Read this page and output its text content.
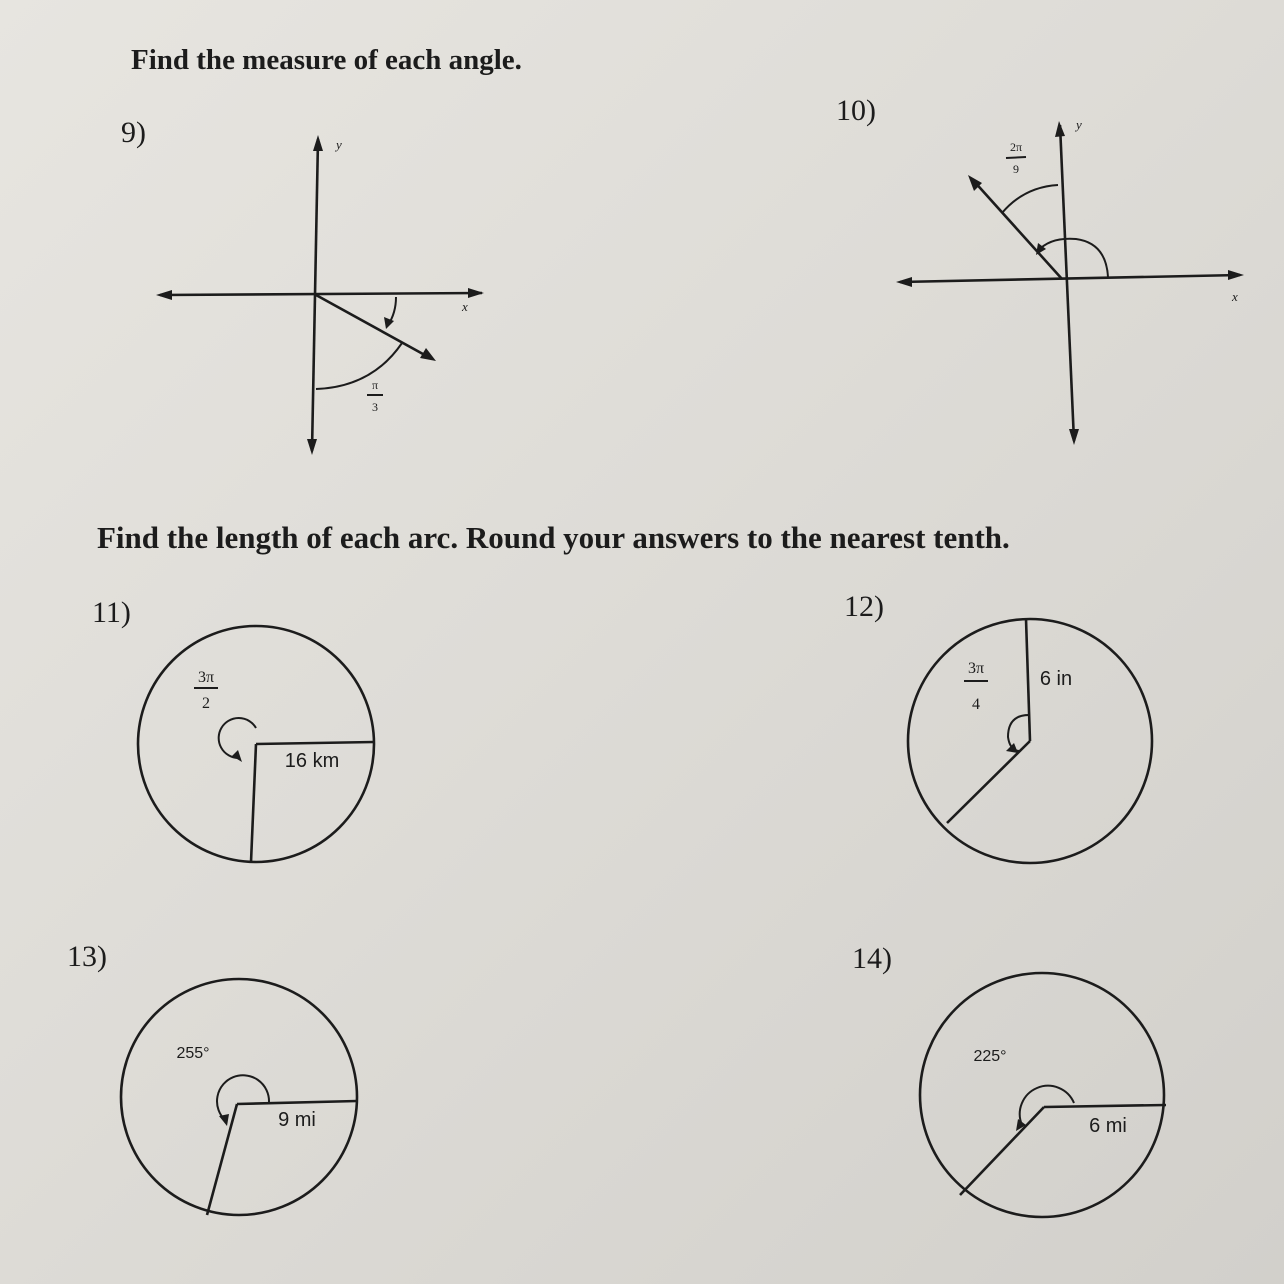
Find the measure of each angle.
9)
x
y
π
3
10)	y
x
2π
9
Find the length of each arc. Round your answers to the nearest tenth.
11)
16 km
3π
2
12)
6 in
3π
4
13)
9 mi
255°
14)
6 mi
225°
